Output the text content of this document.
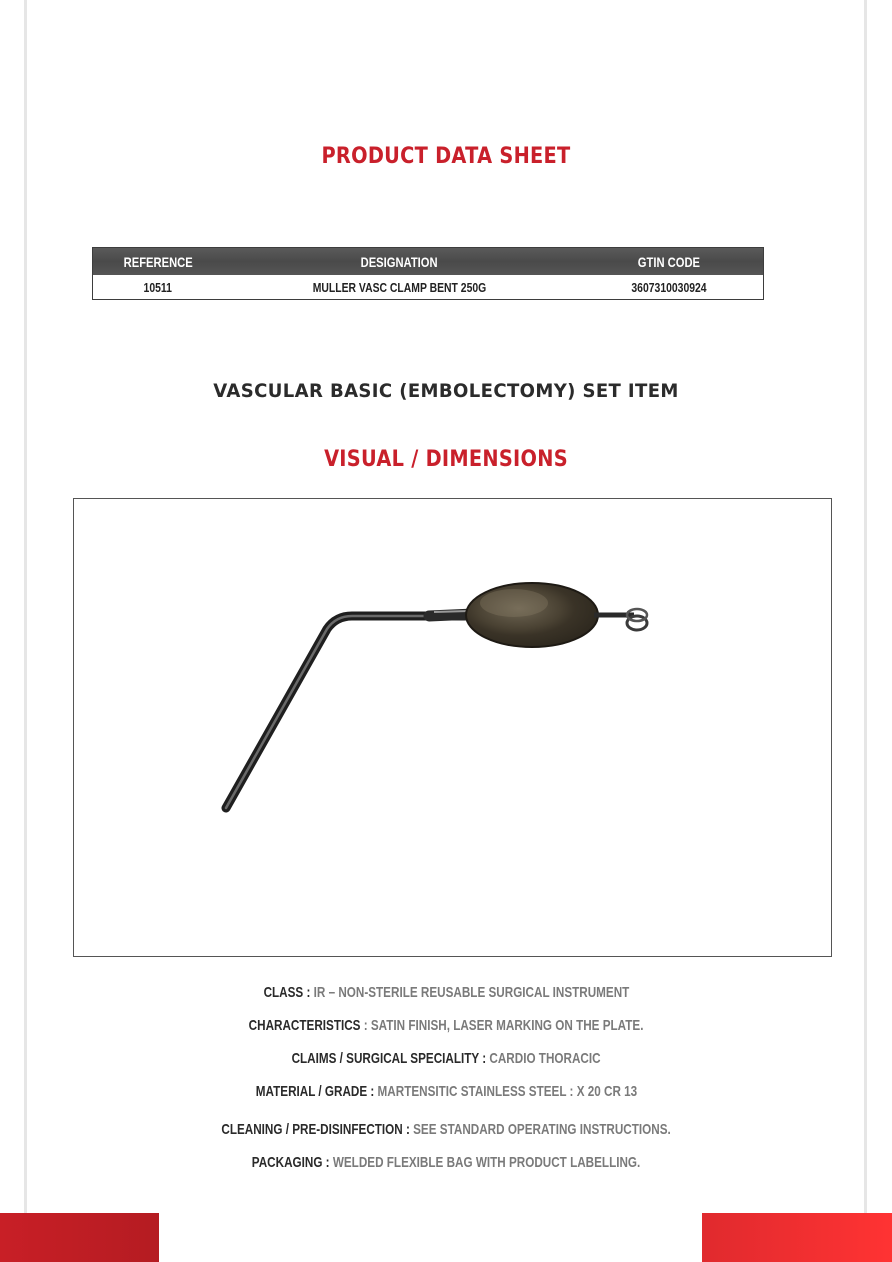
PRODUCT DATA SHEET
REFERENCE	DESIGNATION	GTIN CODE
10511	MULLER VASC CLAMP BENT 250G	3607310030924
VASCULAR BASIC (EMBOLECTOMY) SET ITEM
VISUAL / DIMENSIONS
CLASS : IR – NON-STERILE REUSABLE SURGICAL INSTRUMENT
CHARACTERISTICS : SATIN FINISH, LASER MARKING ON THE PLATE.
CLAIMS / SURGICAL SPECIALITY : CARDIO THORACIC
MATERIAL / GRADE : MARTENSITIC STAINLESS STEEL : X 20 CR 13
CLEANING / PRE-DISINFECTION : SEE STANDARD OPERATING INSTRUCTIONS.
PACKAGING : WELDED FLEXIBLE BAG WITH PRODUCT LABELLING.
